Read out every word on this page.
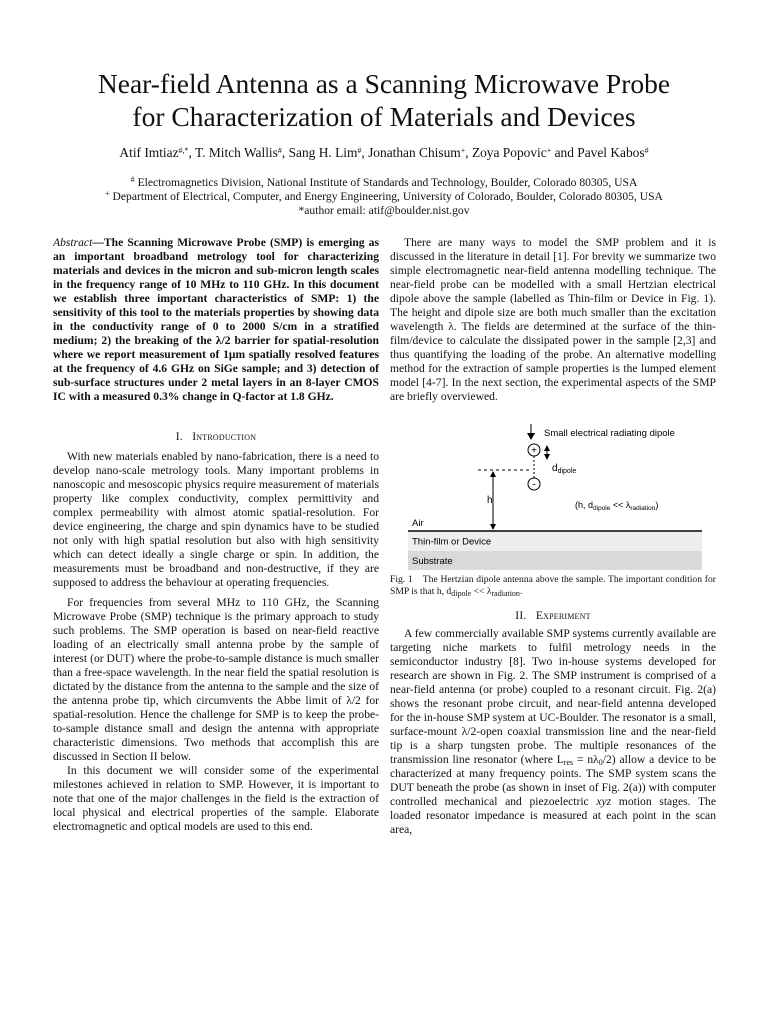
Near-field Antenna as a Scanning Microwave Probe
for Characterization of Materials and Devices
Atif Imtiaz#,*, T. Mitch Wallis#, Sang H. Lim#, Jonathan Chisum+, Zoya Popovic+ and Pavel Kabos#
# Electromagnetics Division, National Institute of Standards and Technology, Boulder, Colorado 80305, USA
+ Department of Electrical, Computer, and Energy Engineering, University of Colorado, Boulder, Colorado 80305, USA
*author email: atif@boulder.nist.gov
Abstract—The Scanning Microwave Probe (SMP) is emerging as an important broadband metrology tool for characterizing materials and devices in the micron and sub-micron length scales in the frequency range of 10 MHz to 110 GHz. In this document we establish three important characteristics of SMP: 1) the sensitivity of this tool to the materials properties by showing data in the conductivity range of 0 to 2000 S/cm in a stratified medium; 2) the breaking of the λ/2 barrier for spatial-resolution where we report measurement of 1μm spatially resolved features at the frequency of 4.6 GHz on SiGe sample; and 3) detection of sub-surface structures under 2 metal layers in an 8-layer CMOS IC with a measured 0.3% change in Q-factor at 1.8 GHz.
I. Introduction

With new materials enabled by nano-fabrication, there is a need to develop nano-scale metrology tools. Many important problems in nanoscopic and mesoscopic physics require measurement of materials property like complex conductivity, complex permittivity and complex permeability with almost atomic spatial-resolution. For device engineering, the charge and spin dynamics have to be studied not only with high spatial resolution but also with high sensitivity which can detect ideally a single charge or spin. In addition, the measurements must be broadband and non-destructive, if they are supposed to address the behaviour at operating frequencies.

For frequencies from several MHz to 110 GHz, the Scanning Microwave Probe (SMP) technique is the primary approach to study such problems. The SMP operation is based on near-field reactive loading of an electrically small antenna probe by the sample of interest (or DUT) where the probe-to-sample distance is much smaller than a free-space wavelength. In the near field the spatial resolution is dictated by the distance from the antenna to the sample and the size of the antenna probe tip, which circumvents the Abbe limit of λ/2 for spatial-resolution. Hence the challenge for SMP is to keep the probe-to-sample distance small and design the antenna with appropriate characteristic dimensions. Two methods that accomplish this are discussed in Section II below.

In this document we will consider some of the experimental milestones achieved in relation to SMP. However, it is important to note that one of the major challenges in the field is the extraction of local physical and electrical properties of the sample. Elaborate electromagnetic and optical models are used to this end.

There are many ways to model the SMP problem and it is discussed in the literature in detail [1]. For brevity we summarize two simple electromagnetic near-field antenna modelling technique. The near-field probe can be modelled with a small Hertzian electrical dipole above the sample (labelled as Thin-film or Device in Fig. 1). The height and dipole size are both much smaller than the excitation wavelength λ. The fields are determined at the surface of the thin-film/device to calculate the dissipated power in the sample [2,3] and thus quantifying the loading of the probe. An alternative modelling method for the extraction of sample properties is the lumped element model [4-7]. In the next section, the experimental aspects of the SMP are briefly overviewed.

Small electrical radiating dipole
+
-
$d_{dipole}$
h	(h, $d_{dipole} << \lambda_{radiation}$)
Air
Thin-film or Device
Substrate
Fig. 1 The Hertzian dipole antenna above the sample. The important condition for SMP is that h, $d_{dipole} << \lambda_{radiation}$.
II. Experiment

A few commercially available SMP systems currently available are targeting niche markets to fulfil metrology needs in the semiconductor industry [8]. Two in-house systems developed for research are shown in Fig. 2. The SMP instrument is comprised of a near-field antenna (or probe) coupled to a resonant circuit. Fig. 2(a) shows the resonant probe circuit, and near-field antenna developed for the in-house SMP system at UC-Boulder. The resonator is a small, surface-mount λ/2-open coaxial transmission line and the near-field tip is a sharp tungsten probe. The multiple resonances of the transmission line resonator (where $L_{res} = n\lambda_0/2$) allow a device to be characterized at many frequency points. The SMP system scans the DUT beneath the probe (as shown in inset of Fig. 2(a)) with computer controlled mechanical and piezoelectric xyz motion stages. The loaded resonator impedance is measured at each point in the scan area,
